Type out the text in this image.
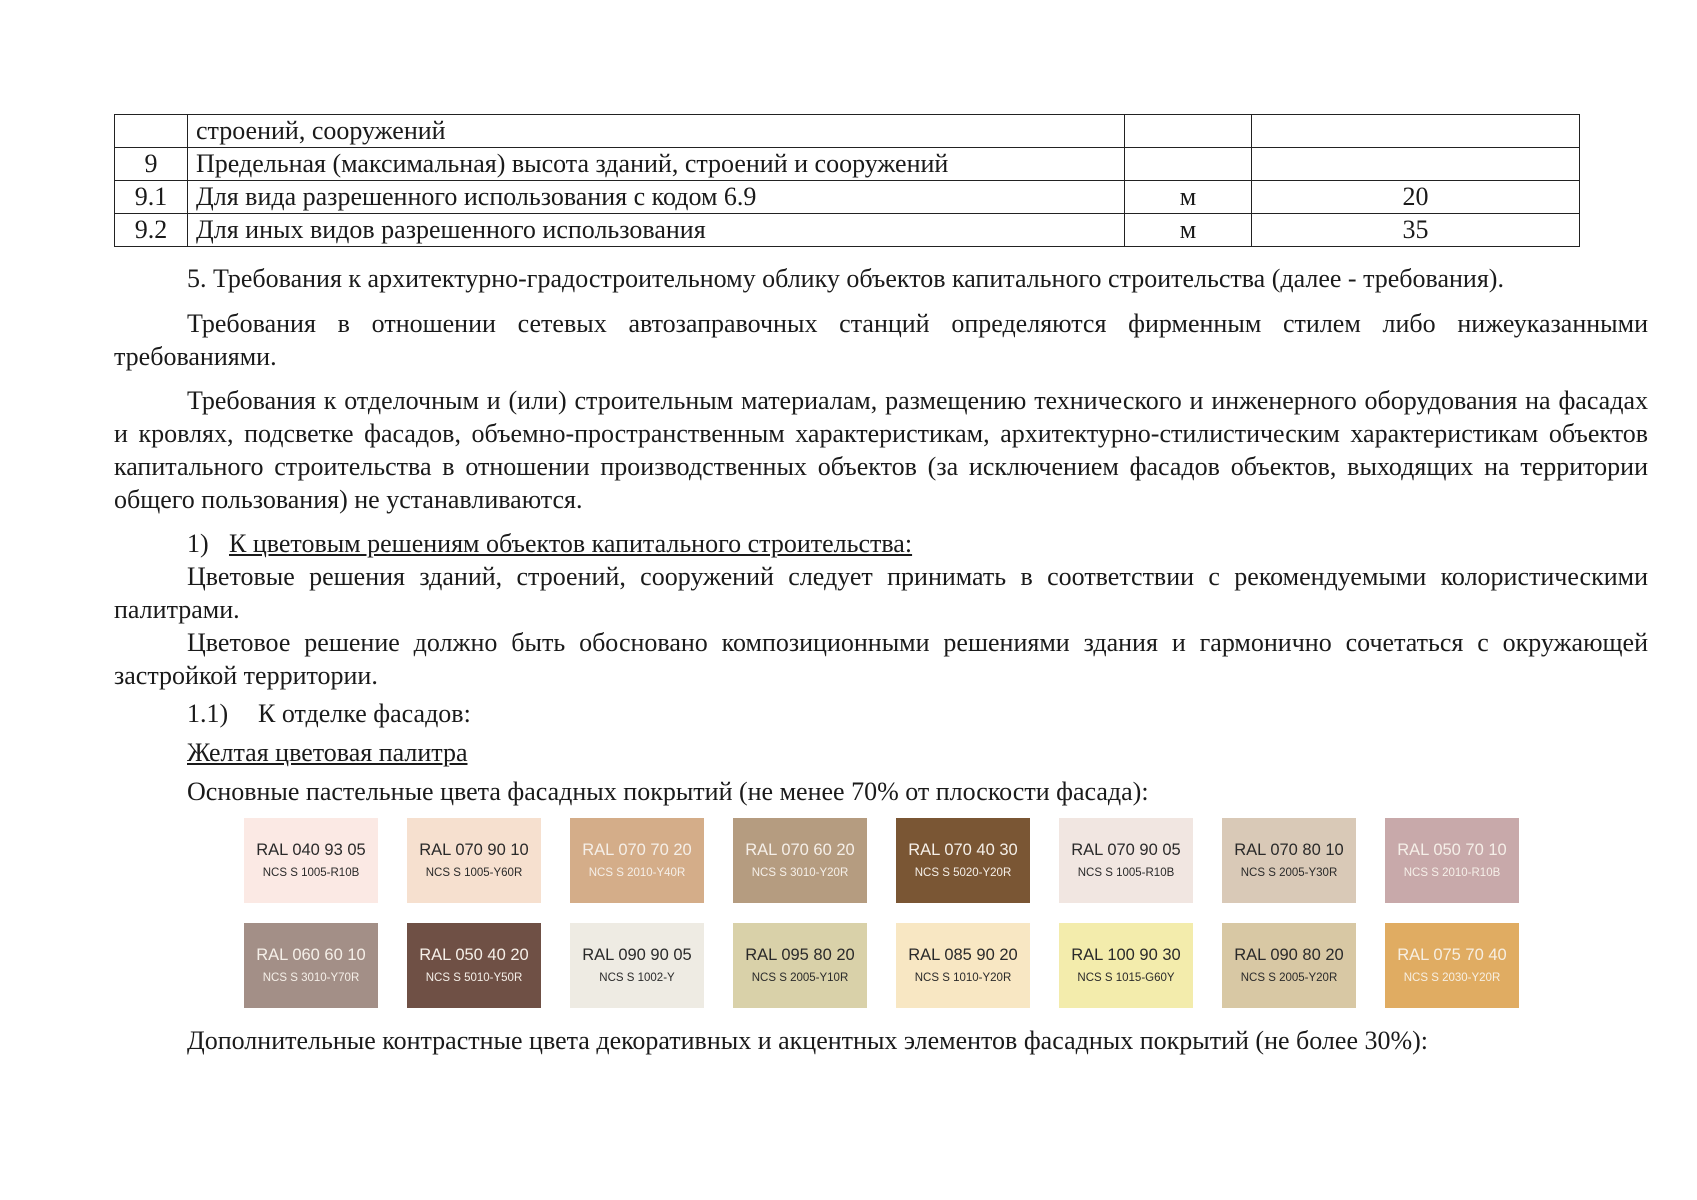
	строений, сооружений		
9	Предельная (максимальная) высота зданий, строений и сооружений		
9.1	Для вида разрешенного использования с кодом 6.9	м	20
9.2	Для иных видов разрешенного использования	м	35

5. Требования к архитектурно-градостроительному облику объектов капитального строительства (далее - требования).

Требования в отношении сетевых автозаправочных станций определяются фирменным стилем либо нижеуказанными требованиями.

Требования к отделочным и (или) строительным материалам, размещению технического и инженерного оборудования на фасадах и кровлях, подсветке фасадов, объемно-пространственным характеристикам, архитектурно-стилистическим характеристикам объектов капитального строительства в отношении производственных объектов (за исключением фасадов объектов, выходящих на территории общего пользования) не устанавливаются.

1) К цветовым решениям объектов капитального строительства:

Цветовые решения зданий, строений, сооружений следует принимать в соответствии с рекомендуемыми колористическими палитрами.

Цветовое решение должно быть обосновано композиционными решениями здания и гармонично сочетаться с окружающей застройкой территории.

1.1) К отделке фасадов:

Желтая цветовая палитра

Основные пастельные цвета фасадных покрытий (не менее 70% от плоскости фасада):

RAL 040 93 05
NCS S 1005-R10B
RAL 070 90 10
NCS S 1005-Y60R
RAL 070 70 20
NCS S 2010-Y40R
RAL 070 60 20
NCS S 3010-Y20R
RAL 070 40 30
NCS S 5020-Y20R
RAL 070 90 05
NCS S 1005-R10B
RAL 070 80 10
NCS S 2005-Y30R
RAL 050 70 10
NCS S 2010-R10B
RAL 060 60 10
NCS S 3010-Y70R
RAL 050 40 20
NCS S 5010-Y50R
RAL 090 90 05
NCS S 1002-Y
RAL 095 80 20
NCS S 2005-Y10R
RAL 085 90 20
NCS S 1010-Y20R
RAL 100 90 30
NCS S 1015-G60Y
RAL 090 80 20
NCS S 2005-Y20R
RAL 075 70 40
NCS S 2030-Y20R

Дополнительные контрастные цвета декоративных и акцентных элементов фасадных покрытий (не более 30%):
